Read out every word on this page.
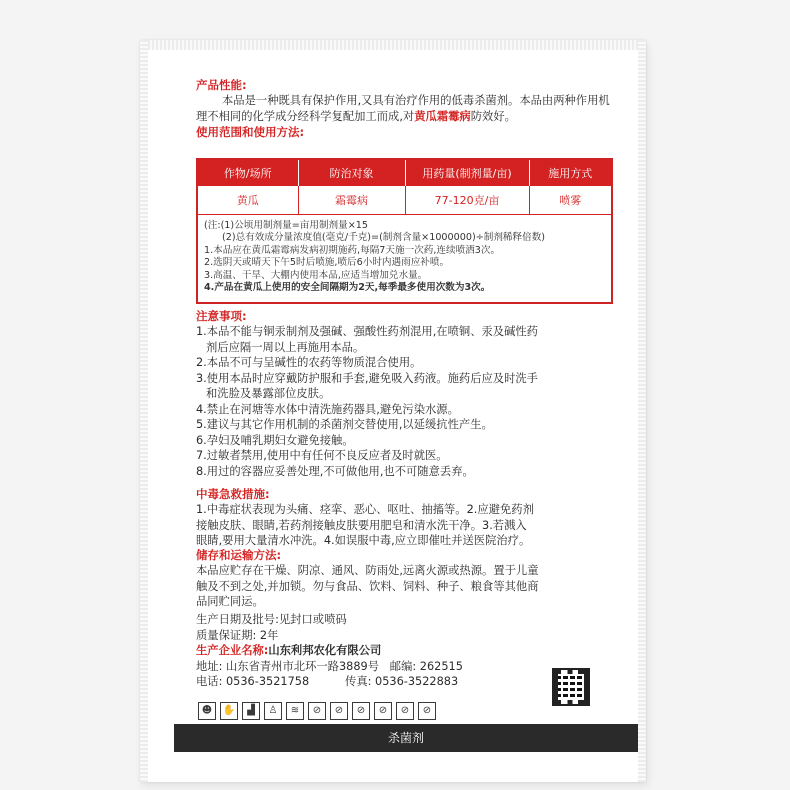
产品性能:
本品是一种既具有保护作用,又具有治疗作用的低毒杀菌剂。本品由两种作用机理不相同的化学成分经科学复配加工而成,对黄瓜霜霉病防效好。
使用范围和使用方法:
作物/场所	防治对象	用药量(制剂量/亩)	施用方式
黄瓜	霜霉病	77-120克/亩	喷雾
(注:(1)公顷用制剂量=亩用制剂量×15
(2)总有效成分量浓度值(毫克/千克)=(制剂含量×1000000)÷制剂稀释倍数)
1.本品应在黄瓜霜霉病发病初期施药,每隔7天施一次药,连续喷洒3次。
2.选阴天或晴天下午5时后喷施,喷后6小时内遇雨应补喷。
3.高温、干旱、大棚内使用本品,应适当增加兑水量。
4.产品在黄瓜上使用的安全间隔期为2天,每季最多使用次数为3次。
注意事项:
1.本品不能与铜汞制剂及强碱、强酸性药剂混用,在喷铜、汞及碱性药
剂后应隔一周以上再施用本品。
2.本品不可与呈碱性的农药等物质混合使用。
3.使用本品时应穿戴防护服和手套,避免吸入药液。施药后应及时洗手
和洗脸及暴露部位皮肤。
4.禁止在河塘等水体中清洗施药器具,避免污染水源。
5.建议与其它作用机制的杀菌剂交替使用,以延缓抗性产生。
6.孕妇及哺乳期妇女避免接触。
7.过敏者禁用,使用中有任何不良反应者及时就医。
8.用过的容器应妥善处理,不可做他用,也不可随意丢弃。
中毒急救措施:
1.中毒症状表现为头痛、痉挛、恶心、呕吐、抽搐等。2.应避免药剂
接触皮肤、眼睛,若药剂接触皮肤要用肥皂和清水洗干净。3.若溅入
眼睛,要用大量清水冲洗。4.如误服中毒,应立即催吐并送医院治疗。
储存和运输方法:
本品应贮存在干燥、阴凉、通风、防雨处,远离火源或热源。置于儿童
触及不到之处,并加锁。勿与食品、饮料、饲料、种子、粮食等其他商
品同贮同运。
生产日期及批号:见封口或喷码
质量保证期: 2年
生产企业名称:山东利邦农化有限公司
地址: 山东省青州市北环一路3889号   邮编: 262515
电话: 0536-3521758          传真: 0536-3522883
☻	✋	▟	♙	≋	⊘	⊘	⊘	⊘	⊘	⊘
杀菌剂
